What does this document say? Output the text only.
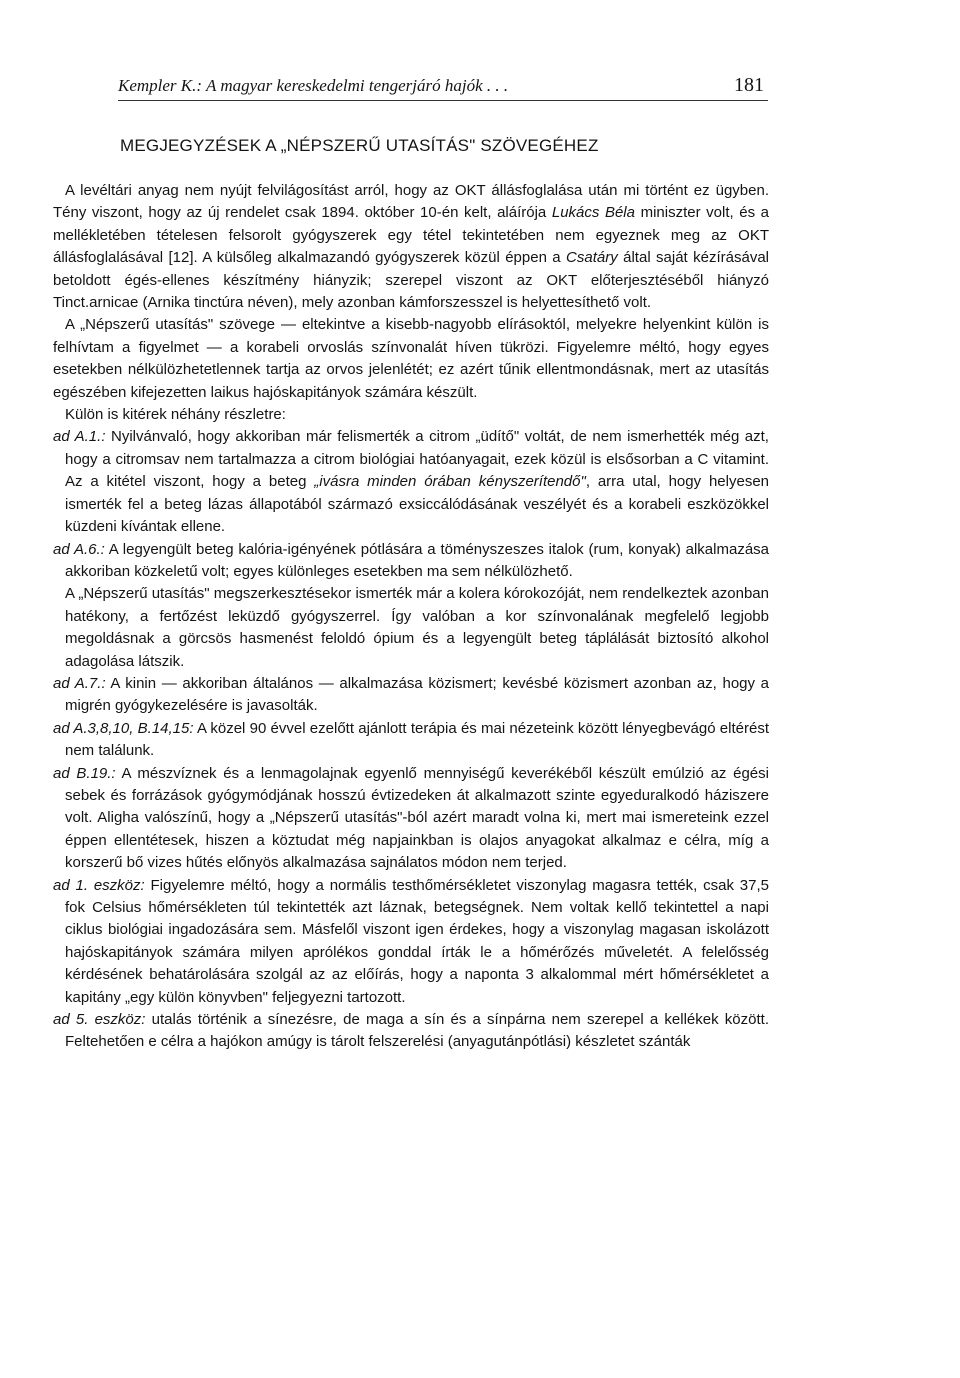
Kempler K.: A magyar kereskedelmi tengerjáró hajók . . .	181
MEGJEGYZÉSEK A „NÉPSZERŰ UTASÍTÁS" SZÖVEGÉHEZ

A levéltári anyag nem nyújt felvilágosítást arról, hogy az OKT állásfoglalása után mi történt ez ügyben. Tény viszont, hogy az új rendelet csak 1894. október 10-én kelt, aláírója Lukács Béla miniszter volt, és a mellékletében tételesen felsorolt gyógyszerek egy tétel tekintetében nem egyeznek meg az OKT állásfoglalásával [12]. A külsőleg alkalmazandó gyógyszerek közül éppen a Csatáry által saját kézírásával betoldott égés-ellenes készítmény hiányzik; szerepel viszont az OKT előterjesztéséből hiányzó Tinct.arnicae (Arnika tinctúra néven), mely azonban kámforszesszel is helyettesíthető volt.

A „Népszerű utasítás" szövege — eltekintve a kisebb-nagyobb elírásoktól, melyekre helyenkint külön is felhívtam a figyelmet — a korabeli orvoslás színvonalát híven tükrözi. Figyelemre méltó, hogy egyes esetekben nélkülözhetetlennek tartja az orvos jelenlétét; ez azért tűnik ellentmondásnak, mert az utasítás egészében kifejezetten laikus hajóskapitányok számára készült.

Külön is kitérek néhány részletre:

ad A.1.: Nyilvánvaló, hogy akkoriban már felismerték a citrom „üdítő" voltát, de nem ismerhették még azt, hogy a citromsav nem tartalmazza a citrom biológiai hatóanyagait, ezek közül is elsősorban a C vitamint. Az a kitétel viszont, hogy a beteg „ivásra minden órában kényszerítendő", arra utal, hogy helyesen ismerték fel a beteg lázas állapotából származó exsiccálódásának veszélyét és a korabeli eszközökkel küzdeni kívántak ellene.

ad A.6.: A legyengült beteg kalória-igényének pótlására a töményszeszes italok (rum, konyak) alkalmazása akkoriban közkeletű volt; egyes különleges esetekben ma sem nélkülözhető.

A „Népszerű utasítás" megszerkesztésekor ismerték már a kolera kórokozóját, nem rendelkeztek azonban hatékony, a fertőzést leküzdő gyógyszerrel. Így valóban a kor színvonalának megfelelő legjobb megoldásnak a görcsös hasmenést feloldó ópium és a legyengült beteg táplálását biztosító alkohol adagolása látszik.

ad A.7.: A kinin — akkoriban általános — alkalmazása közismert; kevésbé közismert azonban az, hogy a migrén gyógykezelésére is javasolták.

ad A.3,8,10, B.14,15: A közel 90 évvel ezelőtt ajánlott terápia és mai nézeteink között lényegbevágó eltérést nem találunk.

ad B.19.: A mészvíznek és a lenmagolajnak egyenlő mennyiségű keverékéből készült emúlzió az égési sebek és forrázások gyógymódjának hosszú évtizedeken át alkalmazott szinte egyeduralkodó háziszere volt. Aligha valószínű, hogy a „Népszerű utasítás"-ból azért maradt volna ki, mert mai ismereteink ezzel éppen ellentétesek, hiszen a köztudat még napjainkban is olajos anyagokat alkalmaz e célra, míg a korszerű bő vizes hűtés előnyös alkalmazása sajnálatos módon nem terjed.

ad 1. eszköz: Figyelemre méltó, hogy a normális testhőmérsékletet viszonylag magasra tették, csak 37,5 fok Celsius hőmérsékleten túl tekintették azt láznak, betegségnek. Nem voltak kellő tekintettel a napi ciklus biológiai ingadozására sem. Másfelől viszont igen érdekes, hogy a viszonylag magasan iskolázott hajóskapitányok számára milyen aprólékos gonddal írták le a hőmérőzés műveletét. A felelősség kérdésének behatárolására szolgál az az előírás, hogy a naponta 3 alkalommal mért hőmérsékletet a kapitány „egy külön könyvben" feljegyezni tartozott.

ad 5. eszköz: utalás történik a sínezésre, de maga a sín és a sínpárna nem szerepel a kellékek között. Feltehetően e célra a hajókon amúgy is tárolt felszerelési (anyagutánpótlási) készletet szánták
